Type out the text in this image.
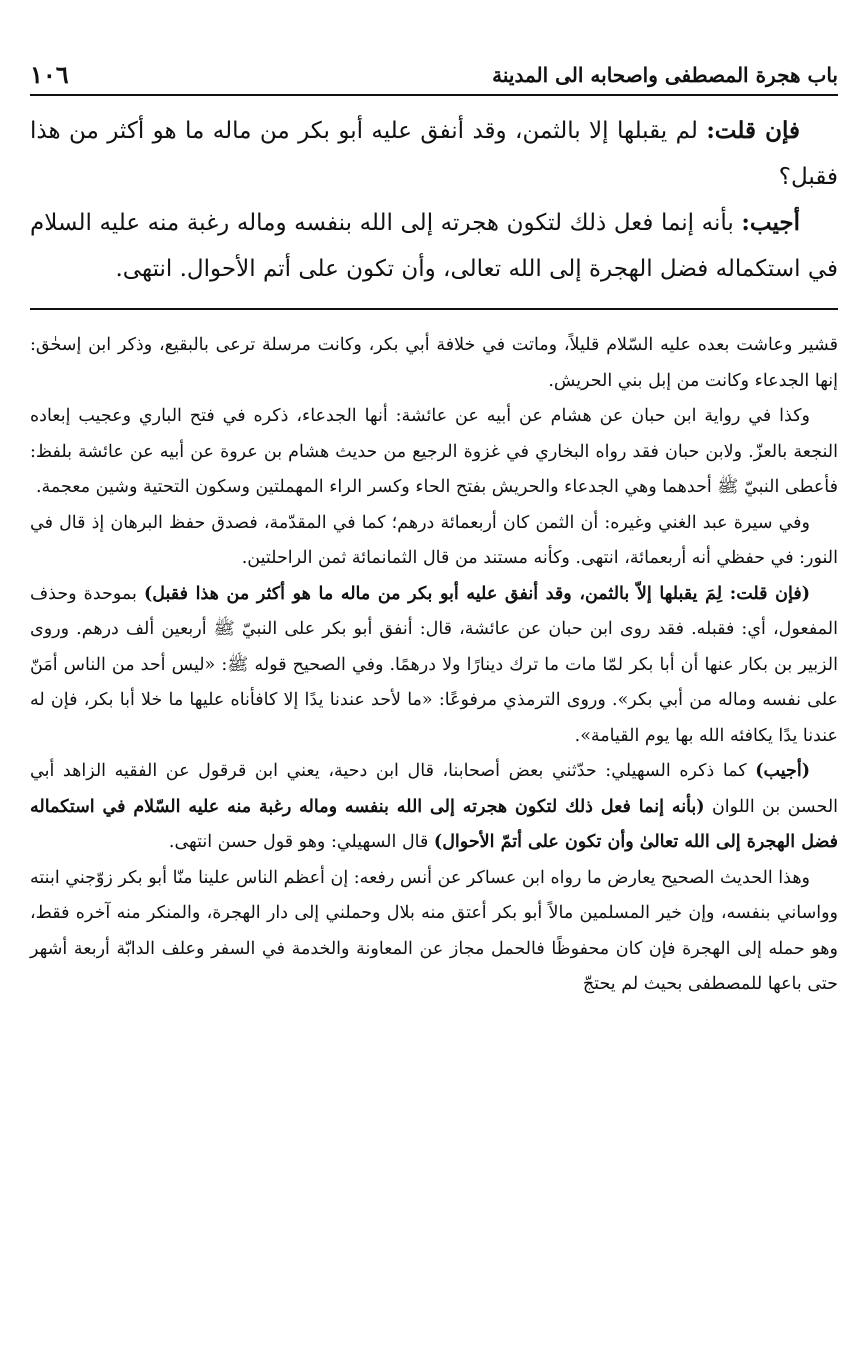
باب هجرة المصطفى واصحابه الى المدينة
١٠٦

فإن قلت: لم يقبلها إلا بالثمن، وقد أنفق عليه أبو بكر من ماله ما هو أكثر من هذا فقبل؟

أجيب: بأنه إنما فعل ذلك لتكون هجرته إلى الله بنفسه وماله رغبة منه عليه السلام في استكماله فضل الهجرة إلى الله تعالى، وأن تكون على أتم الأحوال. انتهى.

قشير وعاشت بعده عليه السّلام قليلاً، وماتت في خلافة أبي بكر، وكانت مرسلة ترعى بالبقيع، وذكر ابن إسحٰق: إنها الجدعاء وكانت من إبل بني الحريش.

وكذا في رواية ابن حبان عن هشام عن أبيه عن عائشة: أنها الجدعاء، ذكره في فتح الباري وعجيب إبعاده النجعة بالعزّ. ولابن حبان فقد رواه البخاري في غزوة الرجيع من حديث هشام بن عروة عن أبيه عن عائشة بلفظ: فأعطى النبيّ ﷺ أحدهما وهي الجدعاء والحريش بفتح الحاء وكسر الراء المهملتين وسكون التحتية وشين معجمة.

وفي سيرة عبد الغني وغيره: أن الثمن كان أربعمائة درهم؛ كما في المقدّمة، فصدق حفظ البرهان إذ قال في النور: في حفظي أنه أربعمائة، انتهى. وكأنه مستند من قال الثمانمائة ثمن الراحلتين.

(فإن قلت: لِمَ يقبلها إلاّ بالثمن، وقد أنفق عليه أبو بكر من ماله ما هو أكثر من هذا فقبل) بموحدة وحذف المفعول، أي: فقبله. فقد روى ابن حبان عن عائشة، قال: أنفق أبو بكر على النبيّ ﷺ أربعين ألف درهم. وروى الزبير بن بكار عنها أن أبا بكر لمّا مات ما ترك دينارًا ولا درهمًا. وفي الصحيح قوله ﷺ: «ليس أحد من الناس أمَنّ على نفسه وماله من أبي بكر». وروى الترمذي مرفوعًا: «ما لأحد عندنا يدًا إلا كافأناه عليها ما خلا أبا بكر، فإن له عندنا يدًا يكافئه الله بها يوم القيامة».

(أجيب) كما ذكره السهيلي: حدّثني بعض أصحابنا، قال ابن دحية، يعني ابن قرقول عن الفقيه الزاهد أبي الحسن بن اللوان (بأنه إنما فعل ذلك لتكون هجرته إلى الله بنفسه وماله رغبة منه عليه السّلام في استكماله فضل الهجرة إلى الله تعالىٰ وأن تكون على أتمّ الأحوال) قال السهيلي: وهو قول حسن انتهى.

وهذا الحديث الصحيح يعارض ما رواه ابن عساكر عن أنس رفعه: إن أعظم الناس علينا منّا أبو بكر زوّجني ابنته وواساني بنفسه، وإن خير المسلمين مالاً أبو بكر أعتق منه بلال وحملني إلى دار الهجرة، والمنكر منه آخره فقط، وهو حمله إلى الهجرة فإن كان محفوظًا فالحمل مجاز عن المعاونة والخدمة في السفر وعلف الدابّة أربعة أشهر حتى باعها للمصطفى بحيث لم يحتجّ
